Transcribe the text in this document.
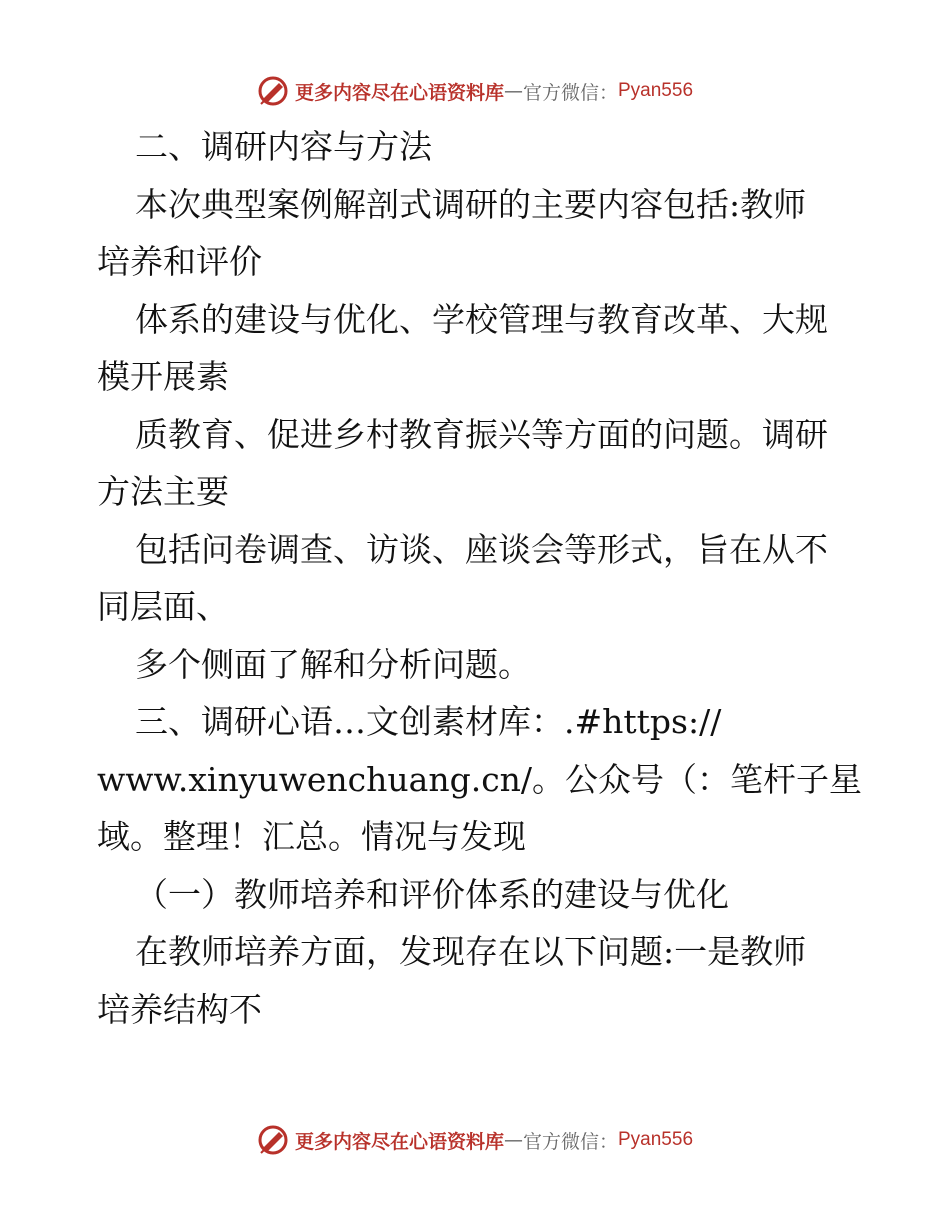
更多内容尽在心语资料库 — 官方微信： Pyan556
二、调研内容与方法
本次典型案例解剖式调研的主要内容包括:教师
培养和评价
体系的建设与优化、学校管理与教育改革、大规
模开展素
质教育、促进乡村教育振兴等方面的问题。调研
方法主要
包括问卷调查、访谈、座谈会等形式，旨在从不
同层面、
多个侧面了解和分析问题。
三、调研心语…文创素材库：.#https://
www.xinyuwenchuang.cn/。公众号（：笔杆子星
域。整理！汇总。情况与发现
（一）教师培养和评价体系的建设与优化
在教师培养方面，发现存在以下问题:一是教师
培养结构不
更多内容尽在心语资料库 — 官方微信： Pyan556
